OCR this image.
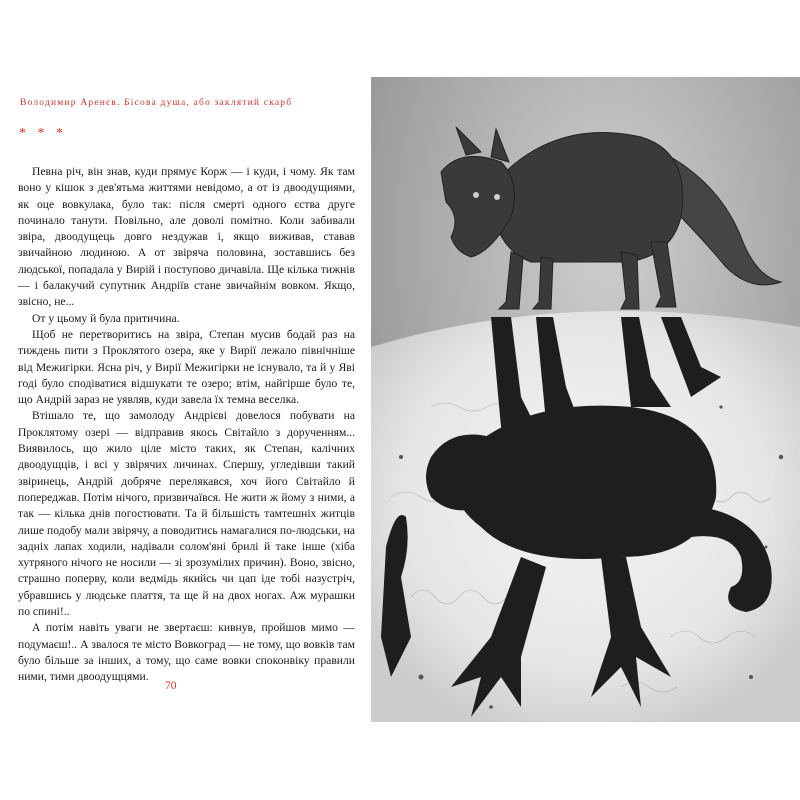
Володимир Аренєв. Бісова душа, або заклятий скарб
* * *

Певна річ, він знав, куди прямує Корж — і куди, і чому. Як там воно у кішок з дев'ятьма життями невідомо, а от із двоодущиями, як оце вовкулака, було так: після смерті одного єства друге починало танути. Повільно, але доволі помітно. Коли забивали звіра, двоодущець довго нездужав і, якщо виживав, ставав звичайною людиною. А от звіряча половина, зоставшись без людської, попадала у Вирій і поступово дичавіла. Ще кілька тижнів — і балакучий супутник Андріїв стане звичайнім вовком. Якщо, звісно, не...

От у цьому й була притичина.

Щоб не перетворитись на звіра, Степан мусив бодай раз на тиждень пити з Проклятого озера, яке у Вирії лежало північніше від Межигірки. Ясна річ, у Вирії Межигірки не існувало, та й у Яві годі було сподіватися відшукати те озеро; втім, найгірше було те, що Андрій зараз не уявляв, куди завела їх темна веселка.

Втішало те, що замолоду Андрієві довелося побувати на Проклятому озері — відправив якось Світайло з дорученням... Виявилось, що жило ціле місто таких, як Степан, калічних двоодущців, і всі у звірячих личинах. Спершу, угледівши такий звіринець, Андрій добряче перелякався, хоч його Світайло й попереджав. Потім нічого, призвичаївся. Не жити ж йому з ними, а так — кілька днів погостювати. Та й більшість тамтешніх житців лише подобу мали звірячу, а поводитись намагалися по-людськи, на задніх лапах ходили, надівали солом'яні брилі й таке інше (хіба хутряного нічого не носили — зі зрозумілих причин). Воно, звісно, страшно поперву, коли ведмідь якийсь чи цап іде тобі назустріч, убравшись у людське плаття, та ще й на двох ногах. Аж мурашки по спині!..

А потім навіть уваги не звертаєш: кивнув, пройшов мимо — подумаєш!.. А звалося те місто Вовкоград — не тому, що вовків там було більше за інших, а тому, що саме вовки споконвіку правили ними, тими двоодущцями.

70
